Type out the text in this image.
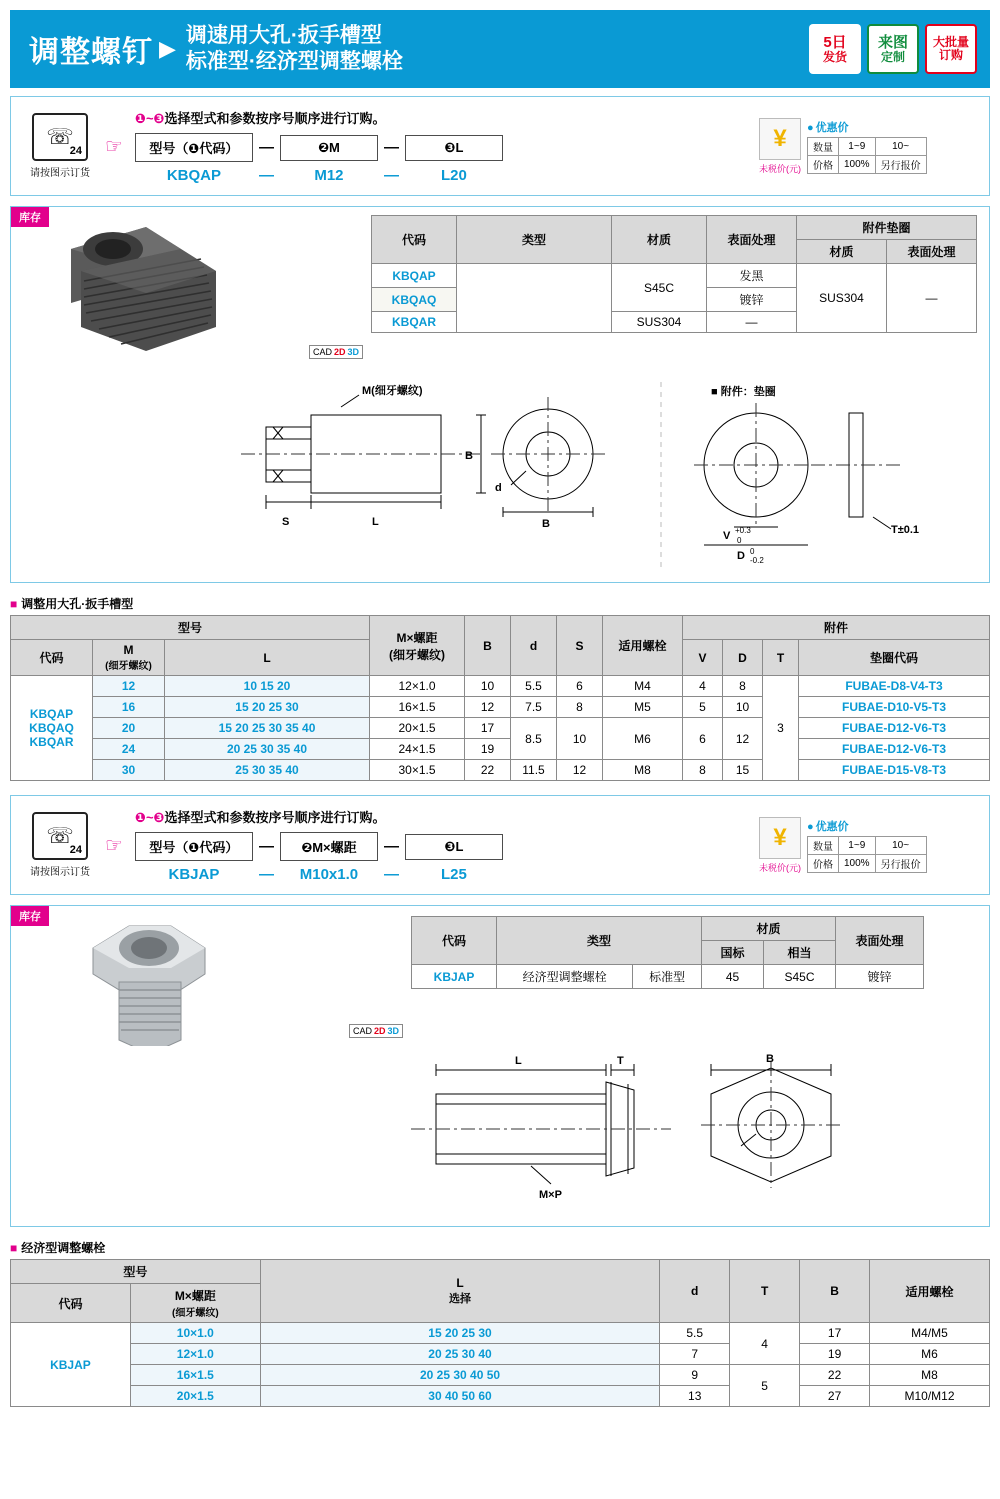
调整螺钉 ▶
调速用大孔·扳手槽型
标准型·经济型调整螺栓
5日
发货
来图
定制
大批量
订购
☏ 24
请按图示订货
☞
❶~❸选择型式和参数按序号顺序进行订购。
型号（❶代码）	—	❷M	—	❸L
KBQAP	—	M12	—	L20
¥
未税价(元)
● 优惠价
数量	1~9	10~
价格	100%	另行报价
库存
CAD 2D 3D
代码	类型	材质	表面处理	附件垫圈	
				材质	表面处理
KBQAP		S45C	发黑	SUS304	—
KBQAQ			镀锌		
KBQAR		SUS304	—		
M(细牙螺纹)
B
B
d
S	L
■ 附件：垫圈
V +0.3
0
D 0
-0.2
T±0.1
■ 调整用大孔·扳手槽型
型号			M×螺距
(细牙螺纹)	B	d	S	适用螺栓	附件			
代码	M
(细牙螺纹)	L						V	D	T	垫圈代码

KBQAP
KBQAQ
KBQAR	12	10 15 20	12×1.0	10	5.5	6	M4	4	8	3	FUBAE-D8-V4-T3
	16	15 20 25 30	16×1.5	12	7.5	8	M5	5	10		FUBAE-D10-V5-T3
	20	15 20 25 30 35 40	20×1.5	17	8.5	10	M6	6	12		FUBAE-D12-V6-T3
	24	20 25 30 35 40	24×1.5	19							FUBAE-D12-V6-T3
	30	25 30 35 40	30×1.5	22	11.5	12	M8	8	15		FUBAE-D15-V8-T3
☏ 24
请按图示订货
☞
❶~❸选择型式和参数按序号顺序进行订购。
型号（❶代码）	—	❷M×螺距	—	❸L
KBJAP	—	M10x1.0	—	L25
¥
未税价(元)
● 优惠价
数量	1~9	10~
价格	100%	另行报价
库存
CAD 2D 3D
代码	类型		材质		表面处理
			国标	相当	
KBJAP	经济型调整螺栓	标准型	45	S45C	镀锌
L	T	B
M×P
■ 经济型调整螺栓
型号		L
选择	d	T	B	适用螺栓
代码	M×螺距
(细牙螺纹)					
KBJAP	10×1.0	15 20 25 30	5.5	4	17	M4/M5
	12×1.0	20 25 30 40	7		19	M6
	16×1.5	20 25 30 40 50	9	5	22	M8
	20×1.5	30 40 50 60	13		27	M10/M12
